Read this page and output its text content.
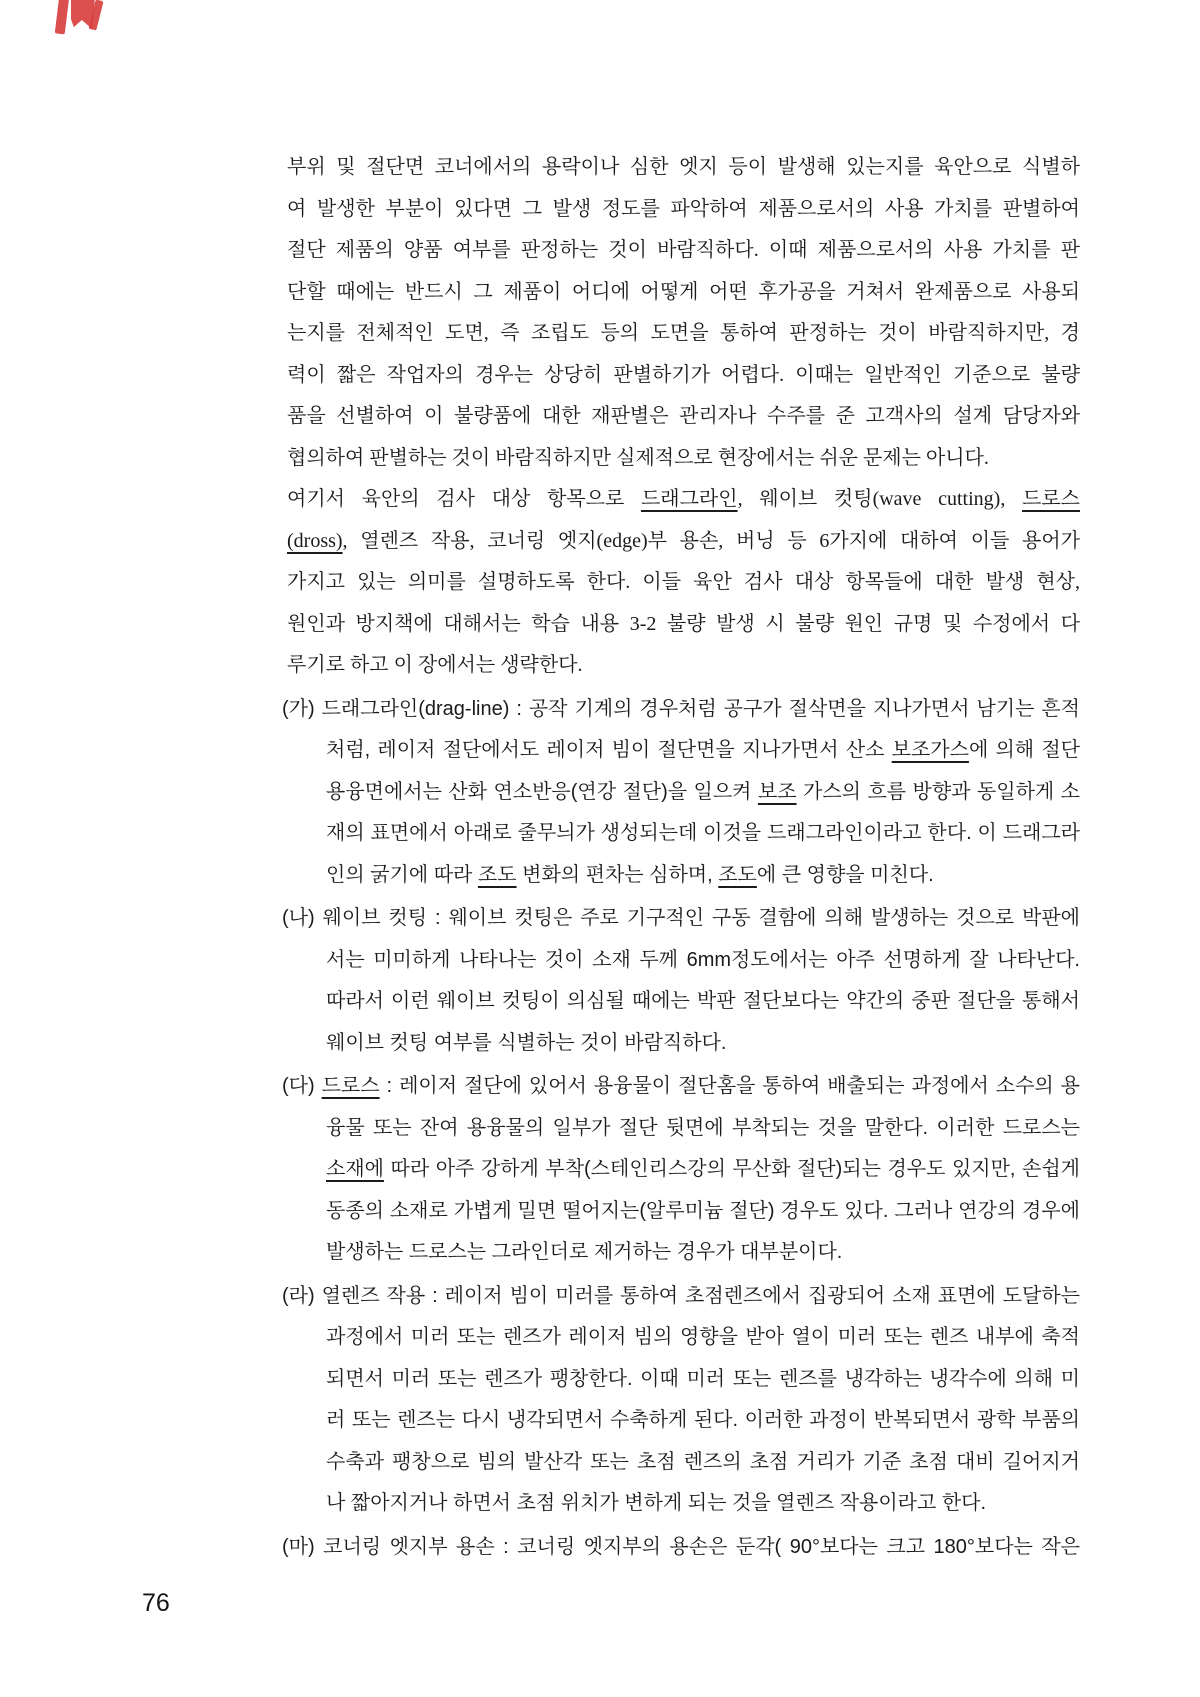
부위 및 절단면 코너에서의 용락이나 심한 엣지 등이 발생해 있는지를 육안으로 식별하
여 발생한 부분이 있다면 그 발생 정도를 파악하여 제품으로서의 사용 가치를 판별하여
절단 제품의 양품 여부를 판정하는 것이 바람직하다. 이때 제품으로서의 사용 가치를 판
단할 때에는 반드시 그 제품이 어디에 어떻게 어떤 후가공을 거쳐서 완제품으로 사용되
는지를 전체적인 도면, 즉 조립도 등의 도면을 통하여 판정하는 것이 바람직하지만, 경
력이 짧은 작업자의 경우는 상당히 판별하기가 어렵다. 이때는 일반적인 기준으로 불량
품을 선별하여 이 불량품에 대한 재판별은 관리자나 수주를 준 고객사의 설계 담당자와
협의하여 판별하는 것이 바람직하지만 실제적으로 현장에서는 쉬운 문제는 아니다.
여기서 육안의 검사 대상 항목으로 드래그라인, 웨이브 컷팅(wave cutting), 드로스
(dross), 열렌즈 작용, 코너링 엣지(edge)부 용손, 버닝 등 6가지에 대하여 이들 용어가
가지고 있는 의미를 설명하도록 한다. 이들 육안 검사 대상 항목들에 대한 발생 현상,
원인과 방지책에 대해서는 학습 내용 3-2 불량 발생 시 불량 원인 규명 및 수정에서 다
루기로 하고 이 장에서는 생략한다.
(가) 드래그라인(drag-line) : 공작 기계의 경우처럼 공구가 절삭면을 지나가면서 남기는 흔적
처럼, 레이저 절단에서도 레이저 빔이 절단면을 지나가면서 산소 보조가스에 의해 절단
용융면에서는 산화 연소반응(연강 절단)을 일으켜 보조 가스의 흐름 방향과 동일하게 소
재의 표면에서 아래로 줄무늬가 생성되는데 이것을 드래그라인이라고 한다. 이 드래그라
인의 굵기에 따라 조도 변화의 편차는 심하며, 조도에 큰 영향을 미친다.
(나) 웨이브 컷팅 : 웨이브 컷팅은 주로 기구적인 구동 결함에 의해 발생하는 것으로 박판에
서는 미미하게 나타나는 것이 소재 두께 6mm정도에서는 아주 선명하게 잘 나타난다.
따라서 이런 웨이브 컷팅이 의심될 때에는 박판 절단보다는 약간의 중판 절단을 통해서
웨이브 컷팅 여부를 식별하는 것이 바람직하다.
(다) 드로스 : 레이저 절단에 있어서 용융물이 절단홈을 통하여 배출되는 과정에서 소수의 용
융물 또는 잔여 용융물의 일부가 절단 뒷면에 부착되는 것을 말한다. 이러한 드로스는
소재에 따라 아주 강하게 부착(스테인리스강의 무산화 절단)되는 경우도 있지만, 손쉽게
동종의 소재로 가볍게 밀면 떨어지는(알루미늄 절단) 경우도 있다. 그러나 연강의 경우에
발생하는 드로스는 그라인더로 제거하는 경우가 대부분이다.
(라) 열렌즈 작용 : 레이저 빔이 미러를 통하여 초점렌즈에서 집광되어 소재 표면에 도달하는
과정에서 미러 또는 렌즈가 레이저 빔의 영향을 받아 열이 미러 또는 렌즈 내부에 축적
되면서 미러 또는 렌즈가 팽창한다. 이때 미러 또는 렌즈를 냉각하는 냉각수에 의해 미
러 또는 렌즈는 다시 냉각되면서 수축하게 된다. 이러한 과정이 반복되면서 광학 부품의
수축과 팽창으로 빔의 발산각 또는 초점 렌즈의 초점 거리가 기준 초점 대비 길어지거
나 짧아지거나 하면서 초점 위치가 변하게 되는 것을 열렌즈 작용이라고 한다.
(마) 코너링 엣지부 용손 : 코너링 엣지부의 용손은 둔각( 90°보다는 크고 180°보다는 작은
76
